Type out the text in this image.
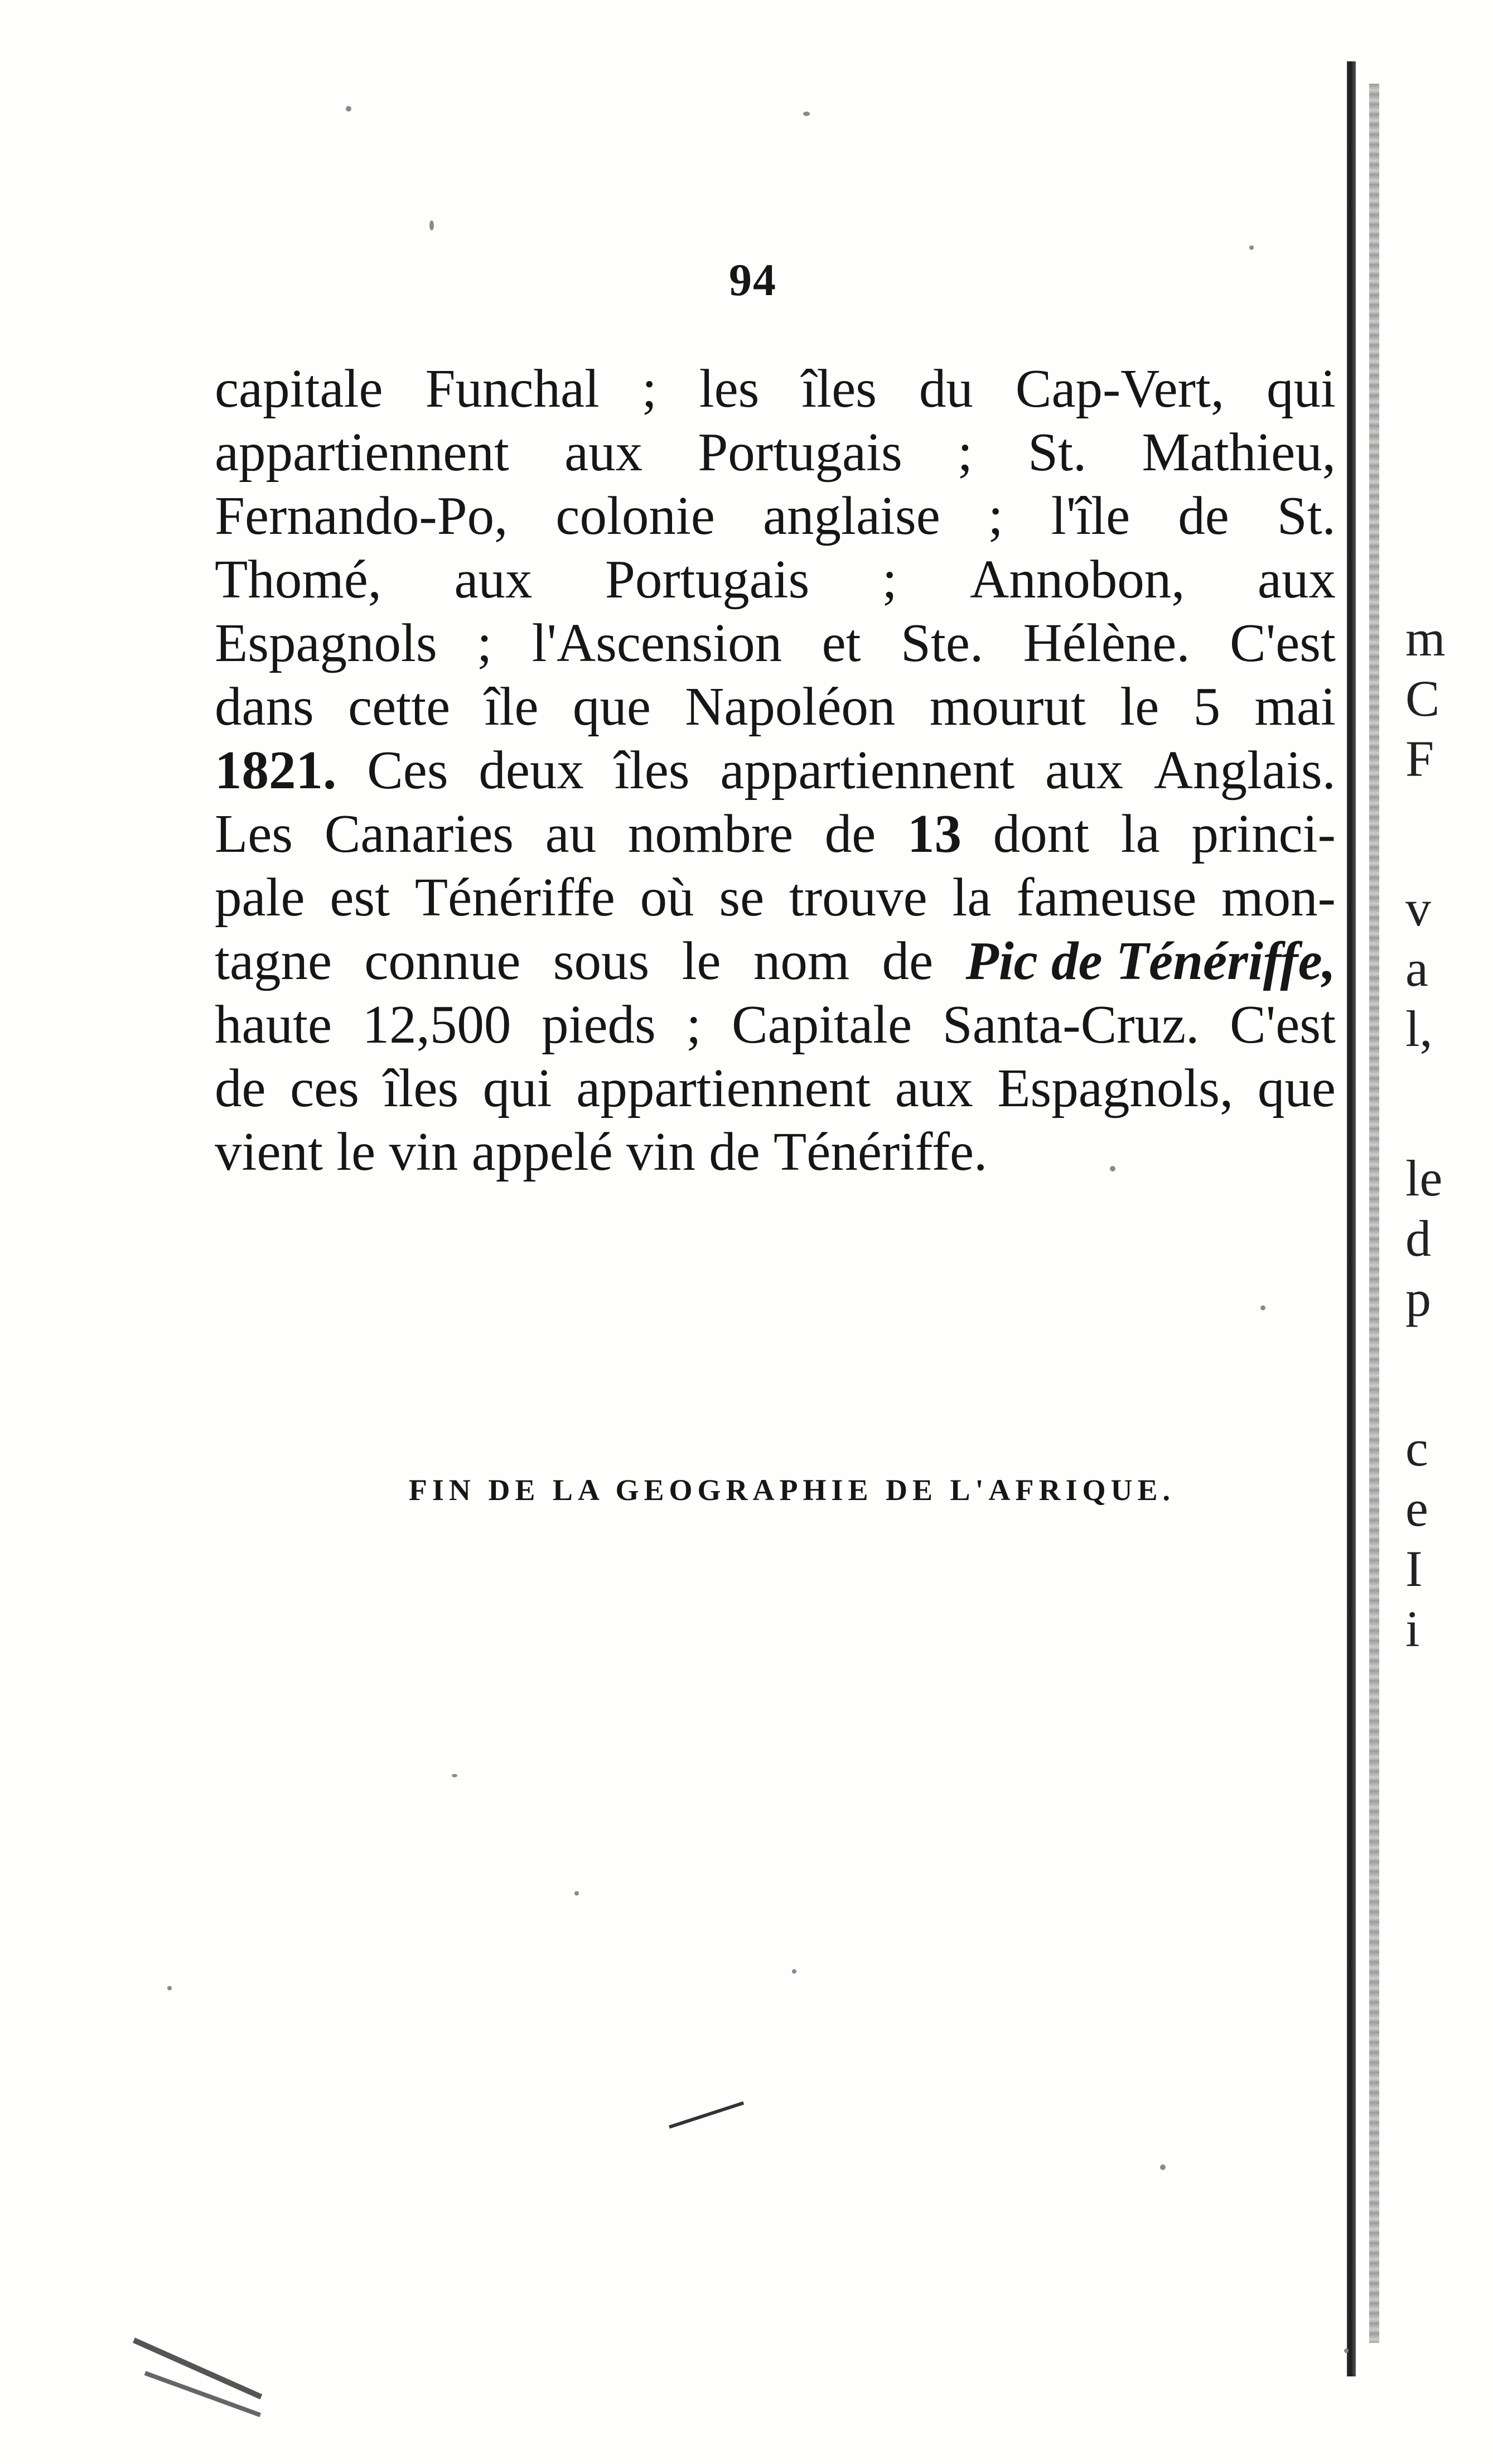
94
capitale Funchal ; les îles du Cap-Vert, qui
appartiennent aux Portugais ; St. Mathieu,
Fernando-Po, colonie anglaise ; l'île de St.
Thomé, aux Portugais ; Annobon, aux
Espagnols ; l'Ascension et Ste. Hélène. C'est
dans cette île que Napoléon mourut le 5 mai
1821. Ces deux îles appartiennent aux Anglais.
Les Canaries au nombre de 13 dont la princi-
pale est Ténériffe où se trouve la fameuse mon-
tagne connue sous le nom de Pic de Ténériffe,
haute 12,500 pieds ; Capitale Santa-Cruz. C'est
de ces îles qui appartiennent aux Espagnols, que
vient
le
vin
appelé
vin
de
Ténériffe.
FIN DE LA GEOGRAPHIE DE L'AFRIQUE.
m
C
F
v
a
l,
le
d
p
c
e
I
i
